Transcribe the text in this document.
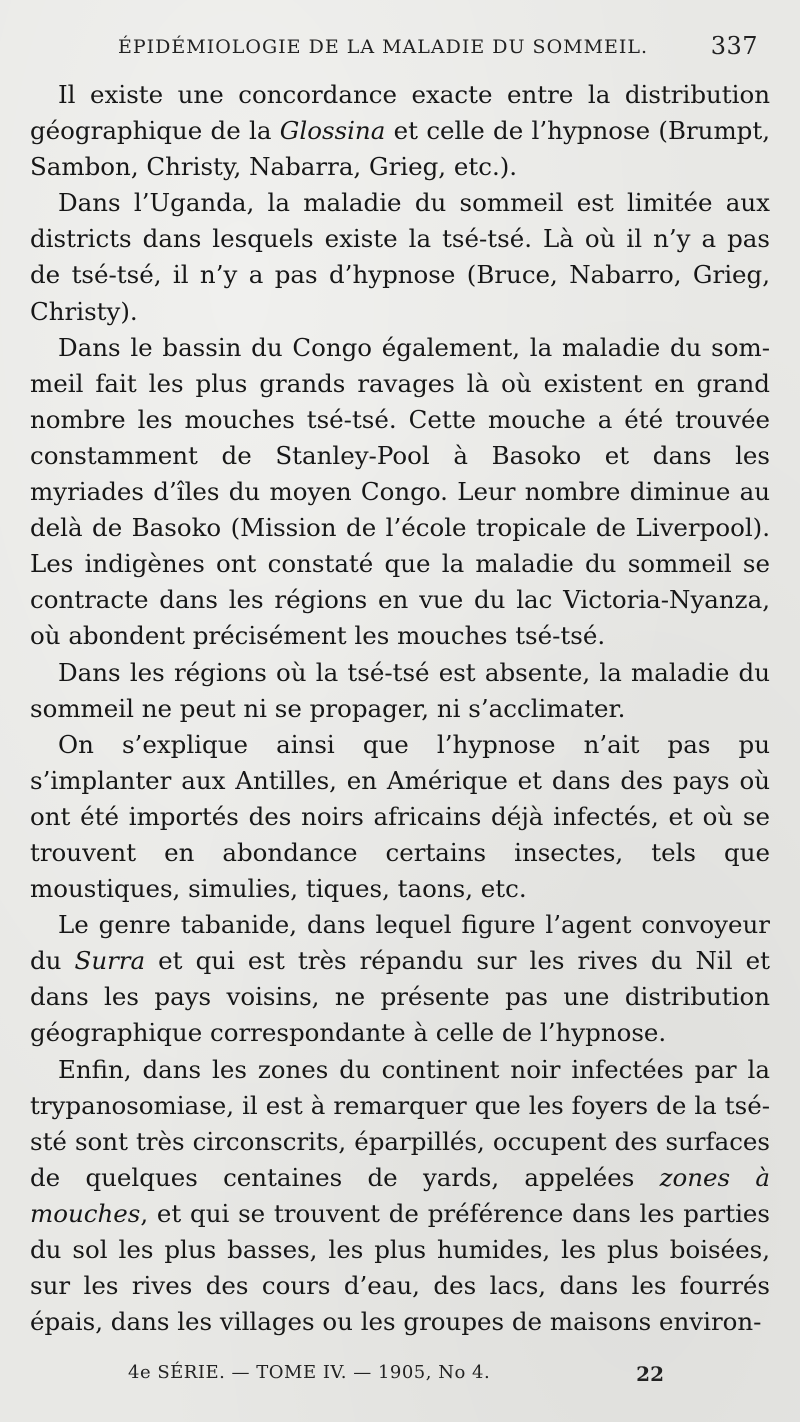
ÉPIDÉMIOLOGIE DE LA MALADIE DU SOMMEIL.	337

Il existe une concordance exacte entre la distribution géographique de la Glossina et celle de l’hypnose (Brumpt, Sambon, Christy, Nabarra, Grieg, etc.).

Dans l’Uganda, la maladie du sommeil est limitée aux districts dans lesquels existe la tsé-tsé. Là où il n’y a pas de tsé-tsé, il n’y a pas d’hypnose (Bruce, Nabarro, Grieg, Christy).

Dans le bassin du Congo également, la maladie du sommeil fait les plus grands ravages là où existent en grand nombre les mouches tsé-tsé. Cette mouche a été trouvée constamment de Stanley-Pool à Basoko et dans les myriades d’îles du moyen Congo. Leur nombre diminue au delà de Basoko (Mission de l’école tropicale de Liverpool). Les indigènes ont constaté que la maladie du sommeil se contracte dans les régions en vue du lac Victoria-Nyanza, où abondent précisément les mouches tsé-tsé.

Dans les régions où la tsé-tsé est absente, la maladie du sommeil ne peut ni se propager, ni s’acclimater.

On s’explique ainsi que l’hypnose n’ait pas pu s’implanter aux Antilles, en Amérique et dans des pays où ont été importés des noirs africains déjà infectés, et où se trouvent en abondance certains insectes, tels que moustiques, simulies, tiques, taons, etc.

Le genre tabanide, dans lequel figure l’agent convoyeur du Surra et qui est très répandu sur les rives du Nil et dans les pays voisins, ne présente pas une distribution géographique correspondante à celle de l’hypnose.

Enfin, dans les zones du continent noir infectées par la trypanosomiase, il est à remarquer que les foyers de la tsé-sté sont très circonscrits, éparpillés, occupent des surfaces de quelques centaines de yards, appelées zones à mouches, et qui se trouvent de préférence dans les parties du sol les plus basses, les plus humides, les plus boisées, sur les rives des cours d’eau, des lacs, dans les fourrés épais, dans les villages ou les groupes de maisons environ-

4e SÉRIE. — TOME IV. — 1905, No 4.	22
